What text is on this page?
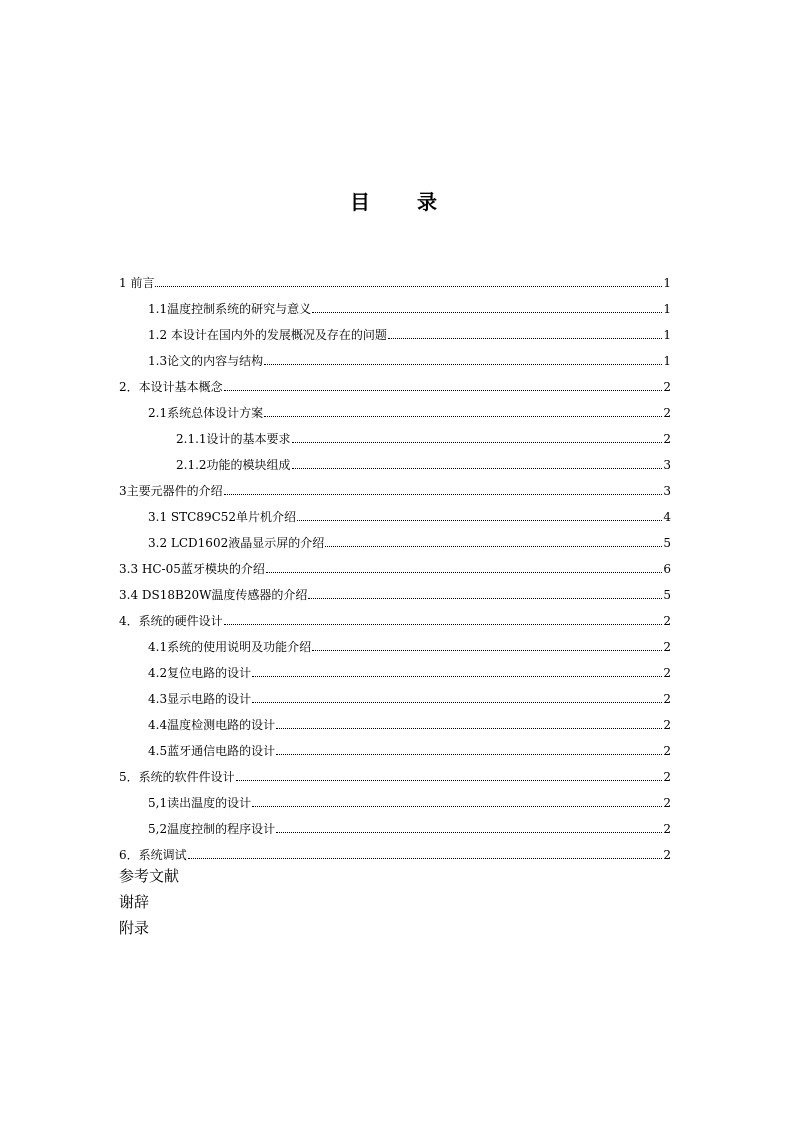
目 录
1 前言	1
1.1温度控制系统的研究与意义	1
1.2 本设计在国内外的发展概况及存在的问题	1
1.3论文的内容与结构	1
2．本设计基本概念	2
2.1系统总体设计方案	2
2.1.1设计的基本要求	2
2.1.2功能的模块组成	3
3主要元器件的介绍	3
3.1 STC89C52单片机介绍	4
3.2 LCD1602液晶显示屏的介绍	5
3.3 HC-05蓝牙模块的介绍	6
3.4 DS18B20W温度传感器的介绍	5
4．系统的硬件设计	2
4.1系统的使用说明及功能介绍	2
4.2复位电路的设计	2
4.3显示电路的设计	2
4.4温度检测电路的设计	2
4.5蓝牙通信电路的设计	2
5．系统的软件件设计	2
5,1读出温度的设计	2
5,2温度控制的程序设计	2
6．系统调试	2
参考文献
谢辞
附录
